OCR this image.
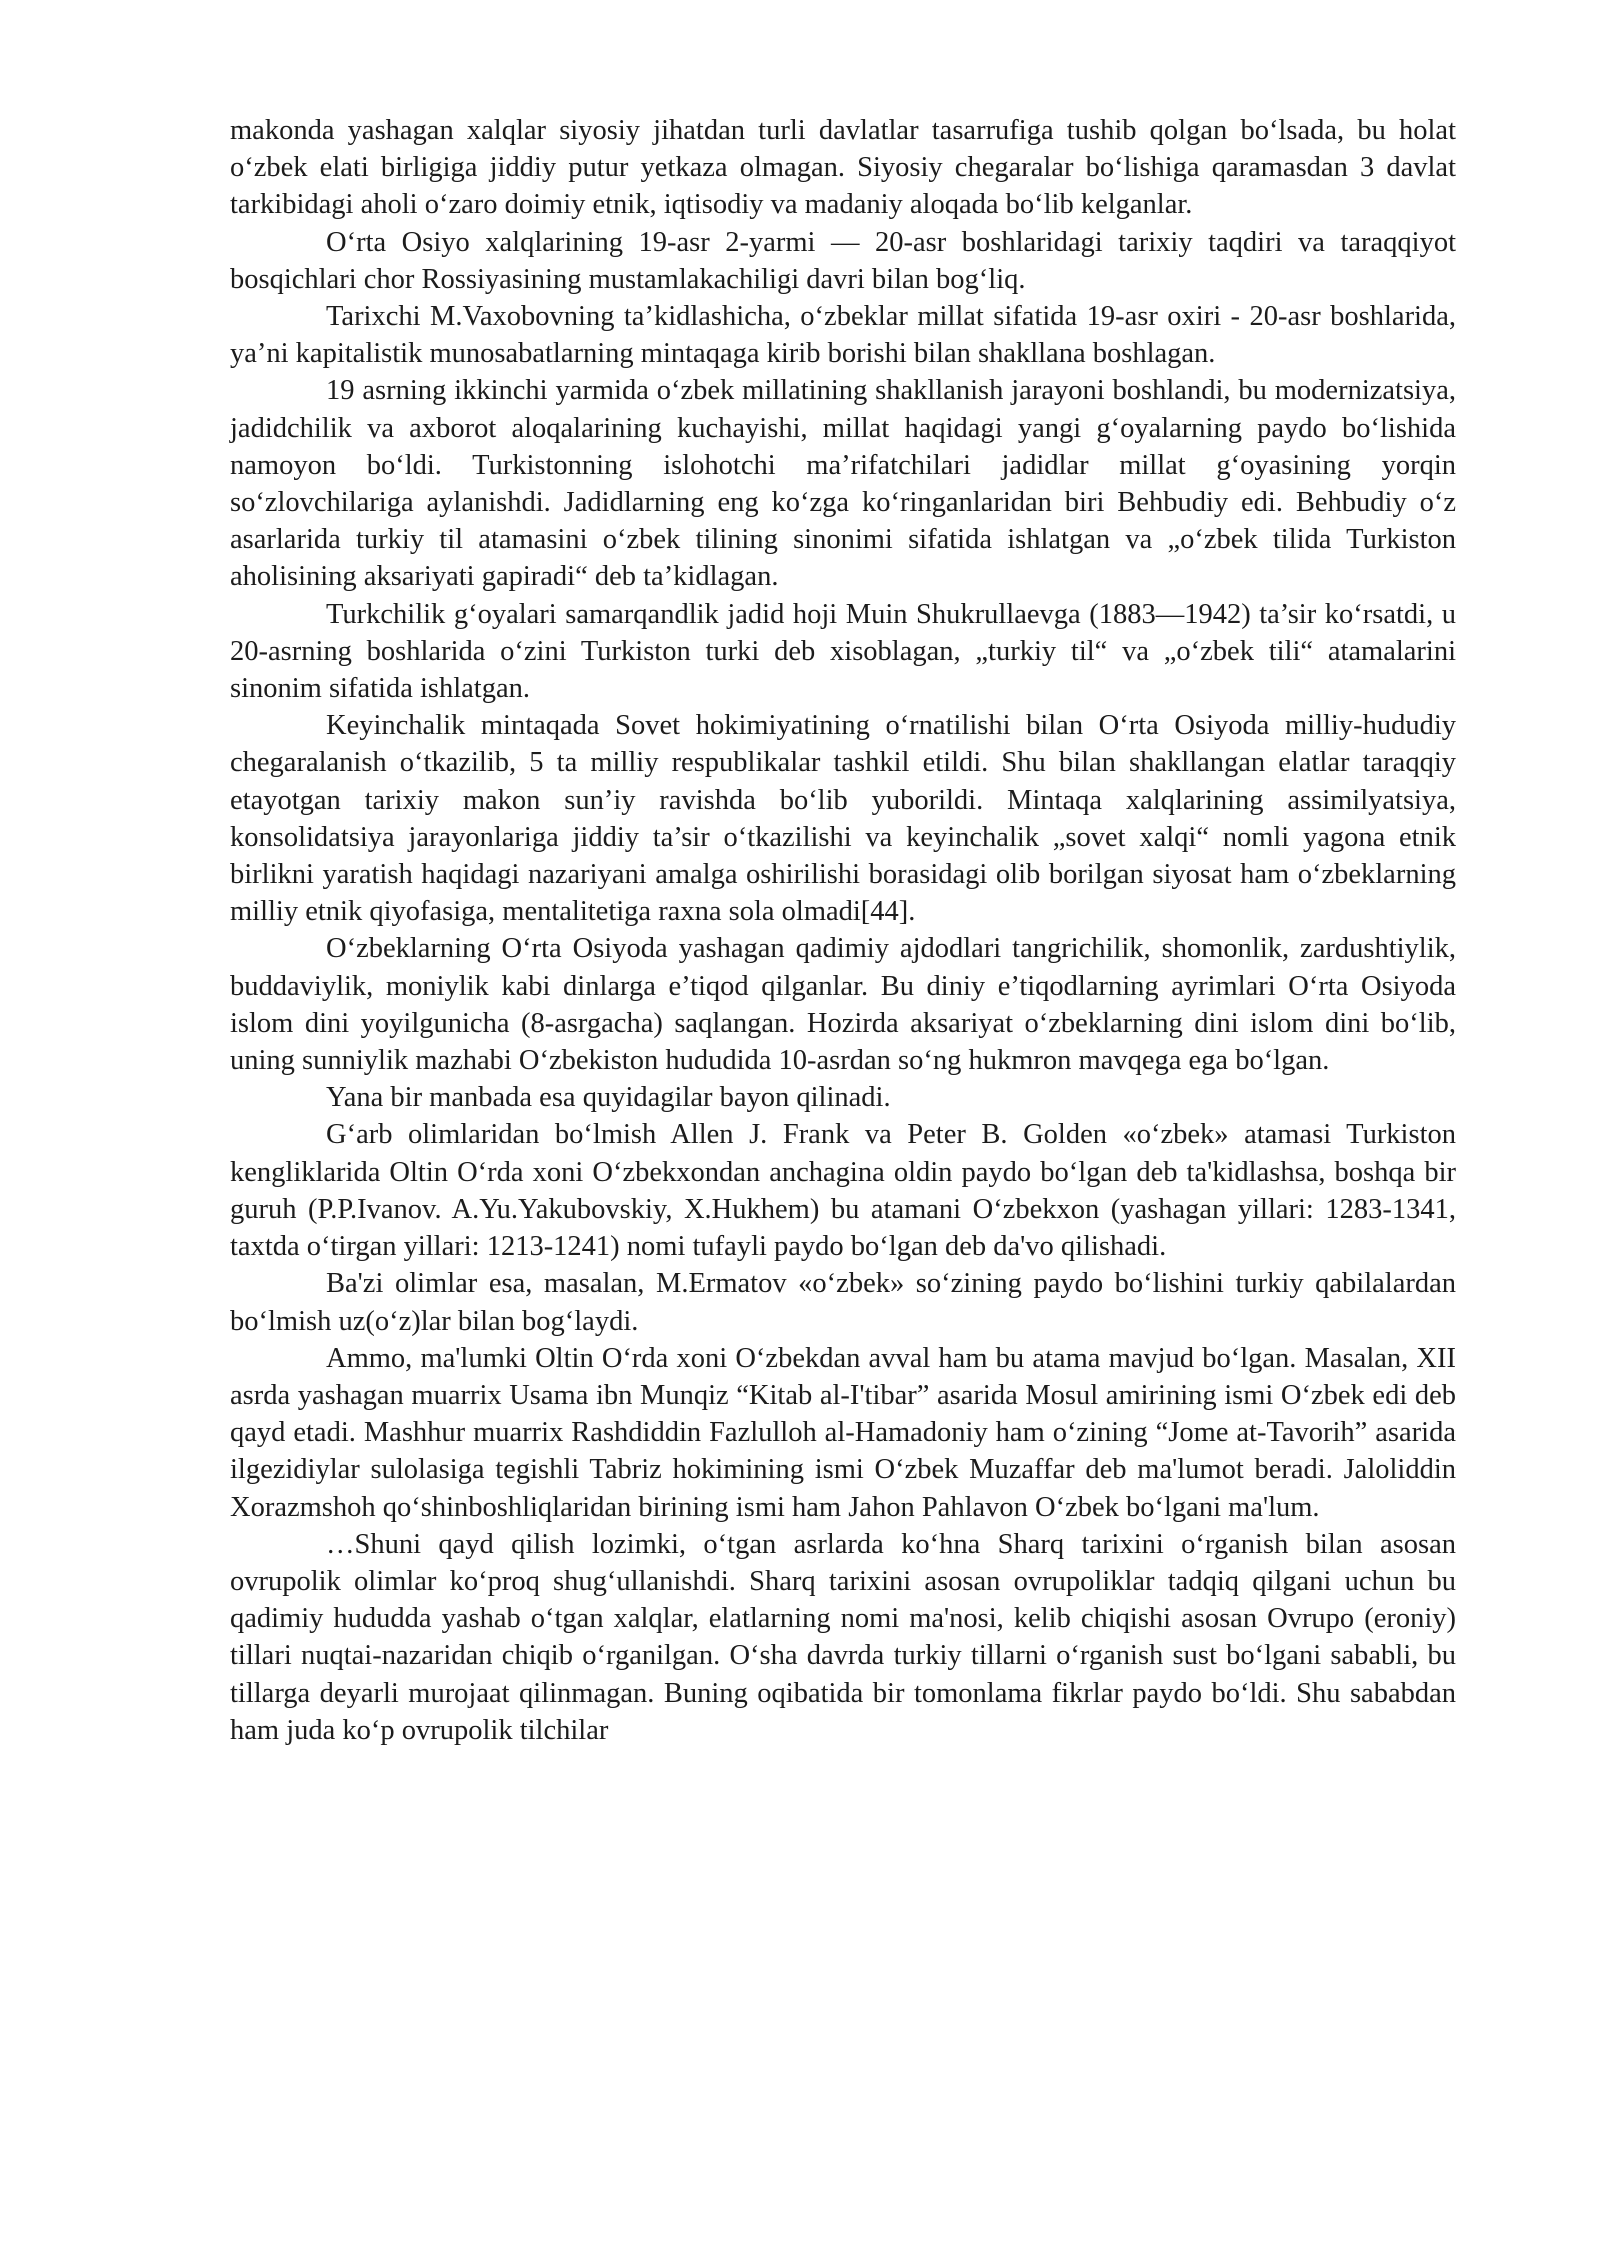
makonda yashagan xalqlar siyosiy jihatdan turli davlatlar tasarrufiga tushib qolgan bo‘lsada, bu holat o‘zbek elati birligiga jiddiy putur yetkaza olmagan. Siyosiy chegaralar bo‘lishiga qaramasdan 3 davlat tarkibidagi aholi o‘zaro doimiy etnik, iqtisodiy va madaniy aloqada bo‘lib kelganlar.

O‘rta Osiyo xalqlarining 19-asr 2-yarmi — 20-asr boshlaridagi tarixiy taqdiri va taraqqiyot bosqichlari chor Rossiyasining mustamlakachiligi davri bilan bog‘liq.

Tarixchi M.Vaxobovning ta’kidlashicha, o‘zbeklar millat sifatida 19-asr oxiri - 20-asr boshlarida, ya’ni kapitalistik munosabatlarning mintaqaga kirib borishi bilan shakllana boshlagan.

19 asrning ikkinchi yarmida o‘zbek millatining shakllanish jarayoni boshlandi, bu modernizatsiya, jadidchilik va axborot aloqalarining kuchayishi, millat haqidagi yangi g‘oyalarning paydo bo‘lishida namoyon bo‘ldi. Turkistonning islohotchi ma’rifatchilari jadidlar millat g‘oyasining yorqin so‘zlovchilariga aylanishdi. Jadidlarning eng ko‘zga ko‘ringanlaridan biri Behbudiy edi. Behbudiy o‘z asarlarida turkiy til atamasini o‘zbek tilining sinonimi sifatida ishlatgan va „o‘zbek tilida Turkiston aholisining aksariyati gapiradi“ deb ta’kidlagan.

Turkchilik g‘oyalari samarqandlik jadid hoji Muin Shukrullaevga (1883—1942) ta’sir ko‘rsatdi, u 20-asrning boshlarida o‘zini Turkiston turki deb xisoblagan, „turkiy til“ va „o‘zbek tili“ atamalarini sinonim sifatida ishlatgan.

Keyinchalik mintaqada Sovet hokimiyatining o‘rnatilishi bilan O‘rta Osiyoda milliy-hududiy chegaralanish o‘tkazilib, 5 ta milliy respublikalar tashkil etildi. Shu bilan shakllangan elatlar taraqqiy etayotgan tarixiy makon sun’iy ravishda bo‘lib yuborildi. Mintaqa xalqlarining assimilyatsiya, konsolidatsiya jarayonlariga jiddiy ta’sir o‘tkazilishi va keyinchalik „sovet xalqi“ nomli yagona etnik birlikni yaratish haqidagi nazariyani amalga oshirilishi borasidagi olib borilgan siyosat ham o‘zbeklarning milliy etnik qiyofasiga, mentalitetiga raxna sola olmadi[44].

O‘zbeklarning O‘rta Osiyoda yashagan qadimiy ajdodlari tangrichilik, shomonlik, zardushtiylik, buddaviylik, moniylik kabi dinlarga e’tiqod qilganlar. Bu diniy e’tiqodlarning ayrimlari O‘rta Osiyoda islom dini yoyilgunicha (8-asrgacha) saqlangan. Hozirda aksariyat o‘zbeklarning dini islom dini bo‘lib, uning sunniylik mazhabi O‘zbekiston hududida 10-asrdan so‘ng hukmron mavqega ega bo‘lgan.

Yana bir manbada esa quyidagilar bayon qilinadi.

G‘arb olimlaridan bo‘lmish Allen J. Frank va Peter B. Golden «o‘zbek» atamasi Turkiston kengliklarida Oltin O‘rda xoni O‘zbekxondan anchagina oldin paydo bo‘lgan deb ta'kidlashsa, boshqa bir guruh (P.P.Ivanov. A.Yu.Yakubovskiy, X.Hukhem) bu atamani O‘zbekxon (yashagan yillari: 1283-1341, taxtda o‘tirgan yillari: 1213-1241) nomi tufayli paydo bo‘lgan deb da'vo qilishadi.

Ba'zi olimlar esa, masalan, M.Ermatov «o‘zbek» so‘zining paydo bo‘lishini turkiy qabilalardan bo‘lmish uz(o‘z)lar bilan bog‘laydi.

Ammo, ma'lumki Oltin O‘rda xoni O‘zbekdan avval ham bu atama mavjud bo‘lgan. Masalan, XII asrda yashagan muarrix Usama ibn Munqiz “Kitab al-I'tibar” asarida Mosul amirining ismi O‘zbek edi deb qayd etadi. Mashhur muarrix Rashdiddin Fazlulloh al-Hamadoniy ham o‘zining “Jome at-Tavorih” asarida ilgezidiylar sulolasiga tegishli Tabriz hokimining ismi O‘zbek Muzaffar deb ma'lumot beradi. Jaloliddin Xorazmshoh qo‘shinboshliqlaridan birining ismi ham Jahon Pahlavon O‘zbek bo‘lgani ma'lum.

…Shuni qayd qilish lozimki, o‘tgan asrlarda ko‘hna Sharq tarixini o‘rganish bilan asosan ovrupolik olimlar ko‘proq shug‘ullanishdi. Sharq tarixini asosan ovrupoliklar tadqiq qilgani uchun bu qadimiy hududda yashab o‘tgan xalqlar, elatlarning nomi ma'nosi, kelib chiqishi asosan Ovrupo (eroniy) tillari nuqtai-nazaridan chiqib o‘rganilgan. O‘sha davrda turkiy tillarni o‘rganish sust bo‘lgani sababli, bu tillarga deyarli murojaat qilinmagan. Buning oqibatida bir tomonlama fikrlar paydo bo‘ldi. Shu sababdan ham juda ko‘p ovrupolik tilchilar
